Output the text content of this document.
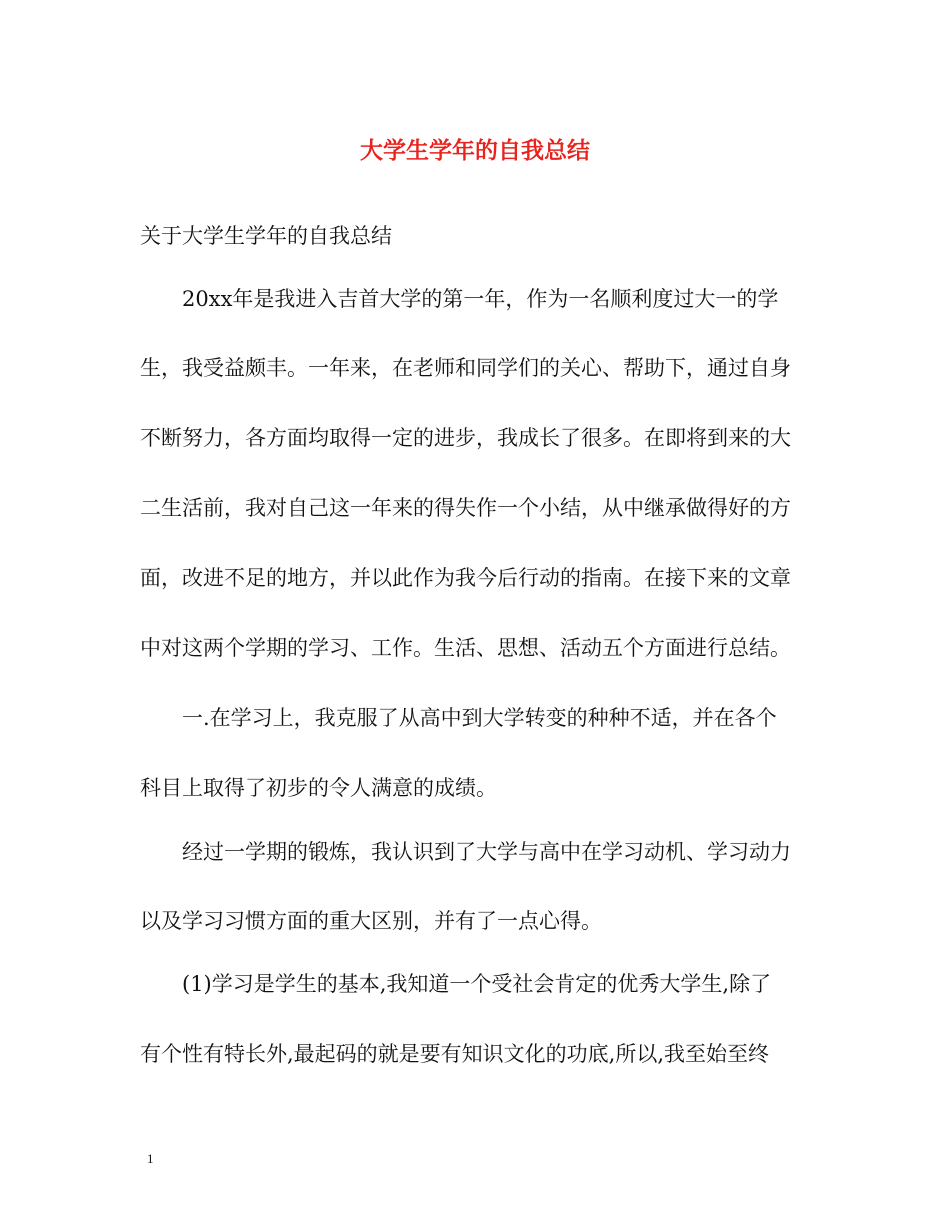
大学生学年的自我总结
关于大学生学年的自我总结
20xx年是我进入吉首大学的第一年，作为一名顺利度过大一的学
生，我受益颇丰。一年来，在老师和同学们的关心、帮助下，通过自身
不断努力，各方面均取得一定的进步，我成长了很多。在即将到来的大
二生活前，我对自己这一年来的得失作一个小结，从中继承做得好的方
面，改进不足的地方，并以此作为我今后行动的指南。在接下来的文章
中对这两个学期的学习、工作。生活、思想、活动五个方面进行总结。
一.在学习上，我克服了从高中到大学转变的种种不适，并在各个
科目上取得了初步的令人满意的成绩。
经过一学期的锻炼，我认识到了大学与高中在学习动机、学习动力
以及学习习惯方面的重大区别，并有了一点心得。
(1)学习是学生的基本,我知道一个受社会肯定的优秀大学生,除了
有个性有特长外,最起码的就是要有知识文化的功底,所以,我至始至终
1
